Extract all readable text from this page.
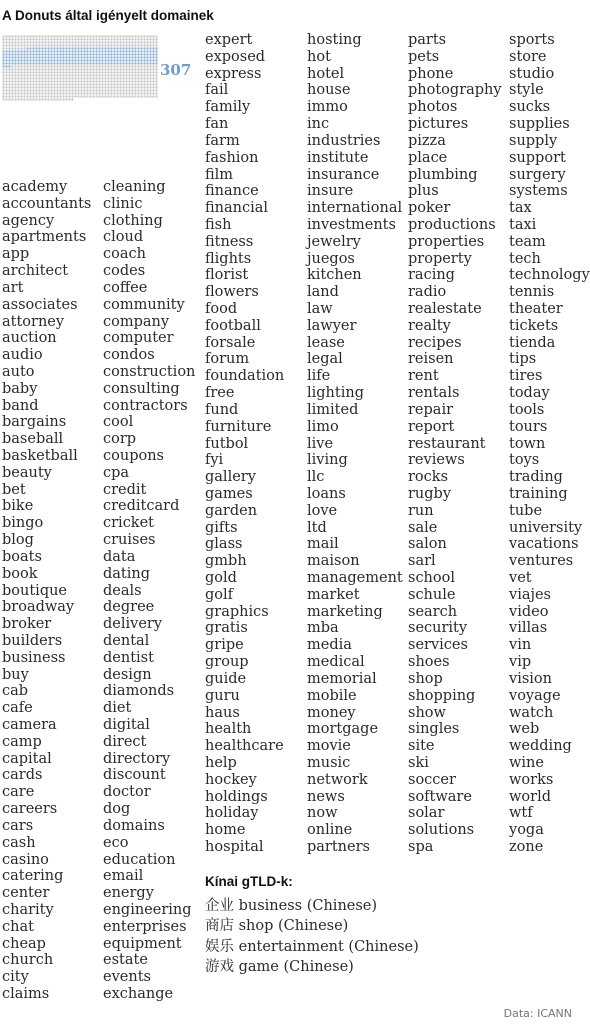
A Donuts által igényelt domainek
307
academy
accountants
agency
apartments
app
architect
art
associates
attorney
auction
audio
auto
baby
band
bargains
baseball
basketball
beauty
bet
bike
bingo
blog
boats
book
boutique
broadway
broker
builders
business
buy
cab
cafe
camera
camp
capital
cards
care
careers
cars
cash
casino
catering
center
charity
chat
cheap
church
city
claims
cleaning
clinic
clothing
cloud
coach
codes
coffee
community
company
computer
condos
construction
consulting
contractors
cool
corp
coupons
cpa
credit
creditcard
cricket
cruises
data
dating
deals
degree
delivery
dental
dentist
design
diamonds
diet
digital
direct
directory
discount
doctor
dog
domains
eco
education
email
energy
engineering
enterprises
equipment
estate
events
exchange
expert
exposed
express
fail
family
fan
farm
fashion
film
finance
financial
fish
fitness
flights
florist
flowers
food
football
forsale
forum
foundation
free
fund
furniture
futbol
fyi
gallery
games
garden
gifts
glass
gmbh
gold
golf
graphics
gratis
gripe
group
guide
guru
haus
health
healthcare
help
hockey
holdings
holiday
home
hospital
hosting
hot
hotel
house
immo
inc
industries
institute
insurance
insure
international
investments
jewelry
juegos
kitchen
land
law
lawyer
lease
legal
life
lighting
limited
limo
live
living
llc
loans
love
ltd
mail
maison
management
market
marketing
mba
media
medical
memorial
mobile
money
mortgage
movie
music
network
news
now
online
partners
parts
pets
phone
photography
photos
pictures
pizza
place
plumbing
plus
poker
productions
properties
property
racing
radio
realestate
realty
recipes
reisen
rent
rentals
repair
report
restaurant
reviews
rocks
rugby
run
sale
salon
sarl
school
schule
search
security
services
shoes
shop
shopping
show
singles
site
ski
soccer
software
solar
solutions
spa
sports
store
studio
style
sucks
supplies
supply
support
surgery
systems
tax
taxi
team
tech
technology
tennis
theater
tickets
tienda
tips
tires
today
tools
tours
town
toys
trading
training
tube
university
vacations
ventures
vet
viajes
video
villas
vin
vip
vision
voyage
watch
web
wedding
wine
works
world
wtf
yoga
zone
Kínai gTLD-k:
企业 business (Chinese)
商店 shop (Chinese)
娱乐 entertainment (Chinese)
游戏 game (Chinese)
Data: ICANN
